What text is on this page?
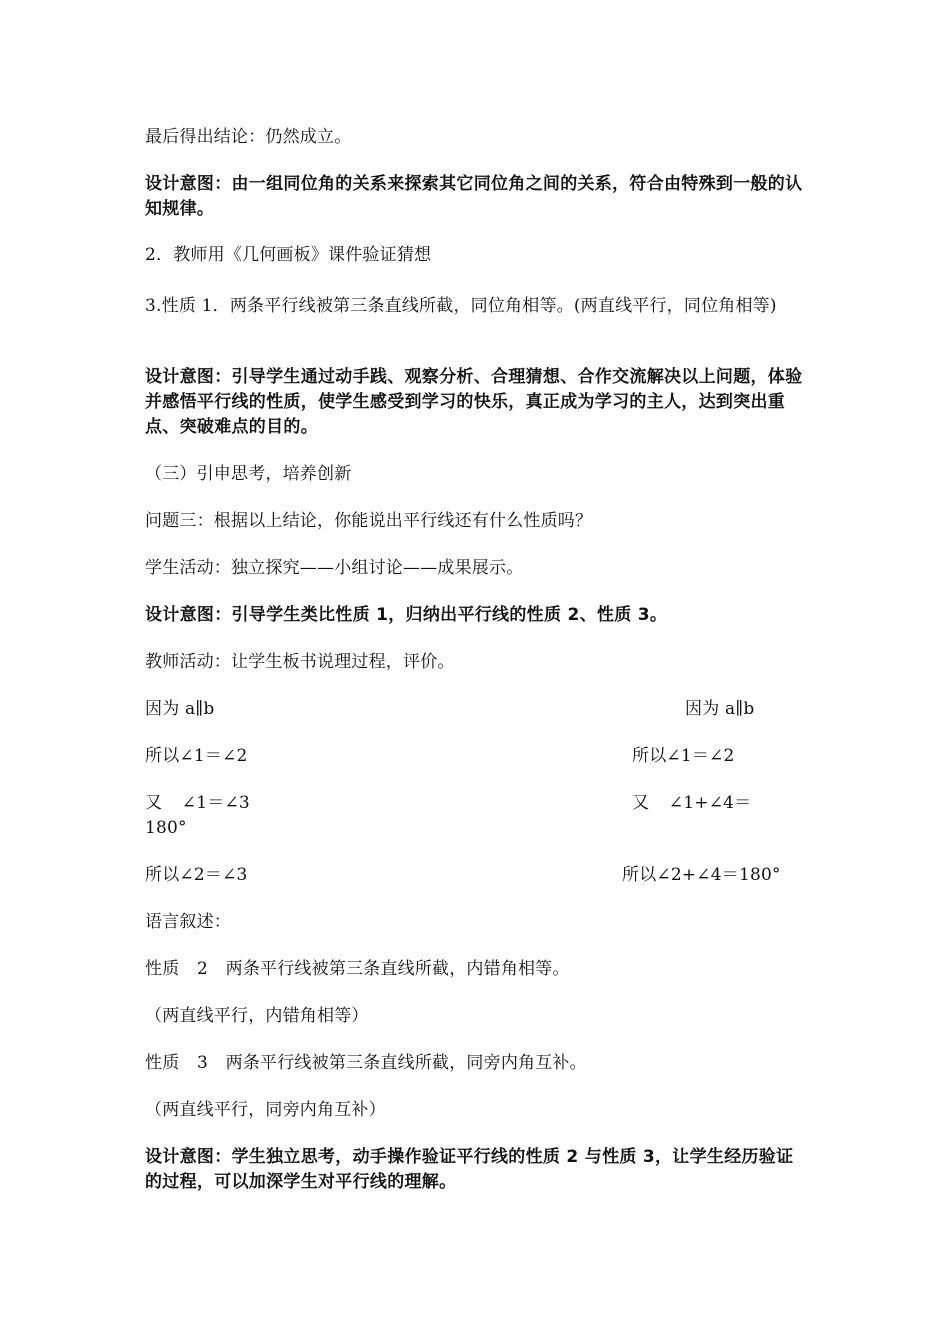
最后得出结论：仍然成立。

设计意图：由一组同位角的关系来探索其它同位角之间的关系，符合由特殊到一般的认知规律。

2．教师用《几何画板》课件验证猜想

3.性质 1．两条平行线被第三条直线所截，同位角相等。(两直线平行，同位角相等)

设计意图：引导学生通过动手践、观察分析、合理猜想、合作交流解决以上问题，体验并感悟平行线的性质，使学生感受到学习的快乐，真正成为学习的主人，达到突出重点、突破难点的目的。

（三）引申思考，培养创新

问题三：根据以上结论，你能说出平行线还有什么性质吗？

学生活动：独立探究——小组讨论——成果展示。

设计意图：引导学生类比性质 1，归纳出平行线的性质 2、性质 3。

教师活动：让学生板书说理过程，评价。

因为 a∥b

所以∠1＝∠2

又 ∠1＝∠3

所以∠2＝∠3

因为 a∥b

所以∠1＝∠2

又 ∠1+∠4＝

180°

所以∠2+∠4＝180°

语言叙述：

性质 2 两条平行线被第三条直线所截，内错角相等。

（两直线平行，内错角相等）

性质 3 两条平行线被第三条直线所截，同旁内角互补。

（两直线平行，同旁内角互补）

设计意图：学生独立思考，动手操作验证平行线的性质 2 与性质 3，让学生经历验证的过程，可以加深学生对平行线的理解。
